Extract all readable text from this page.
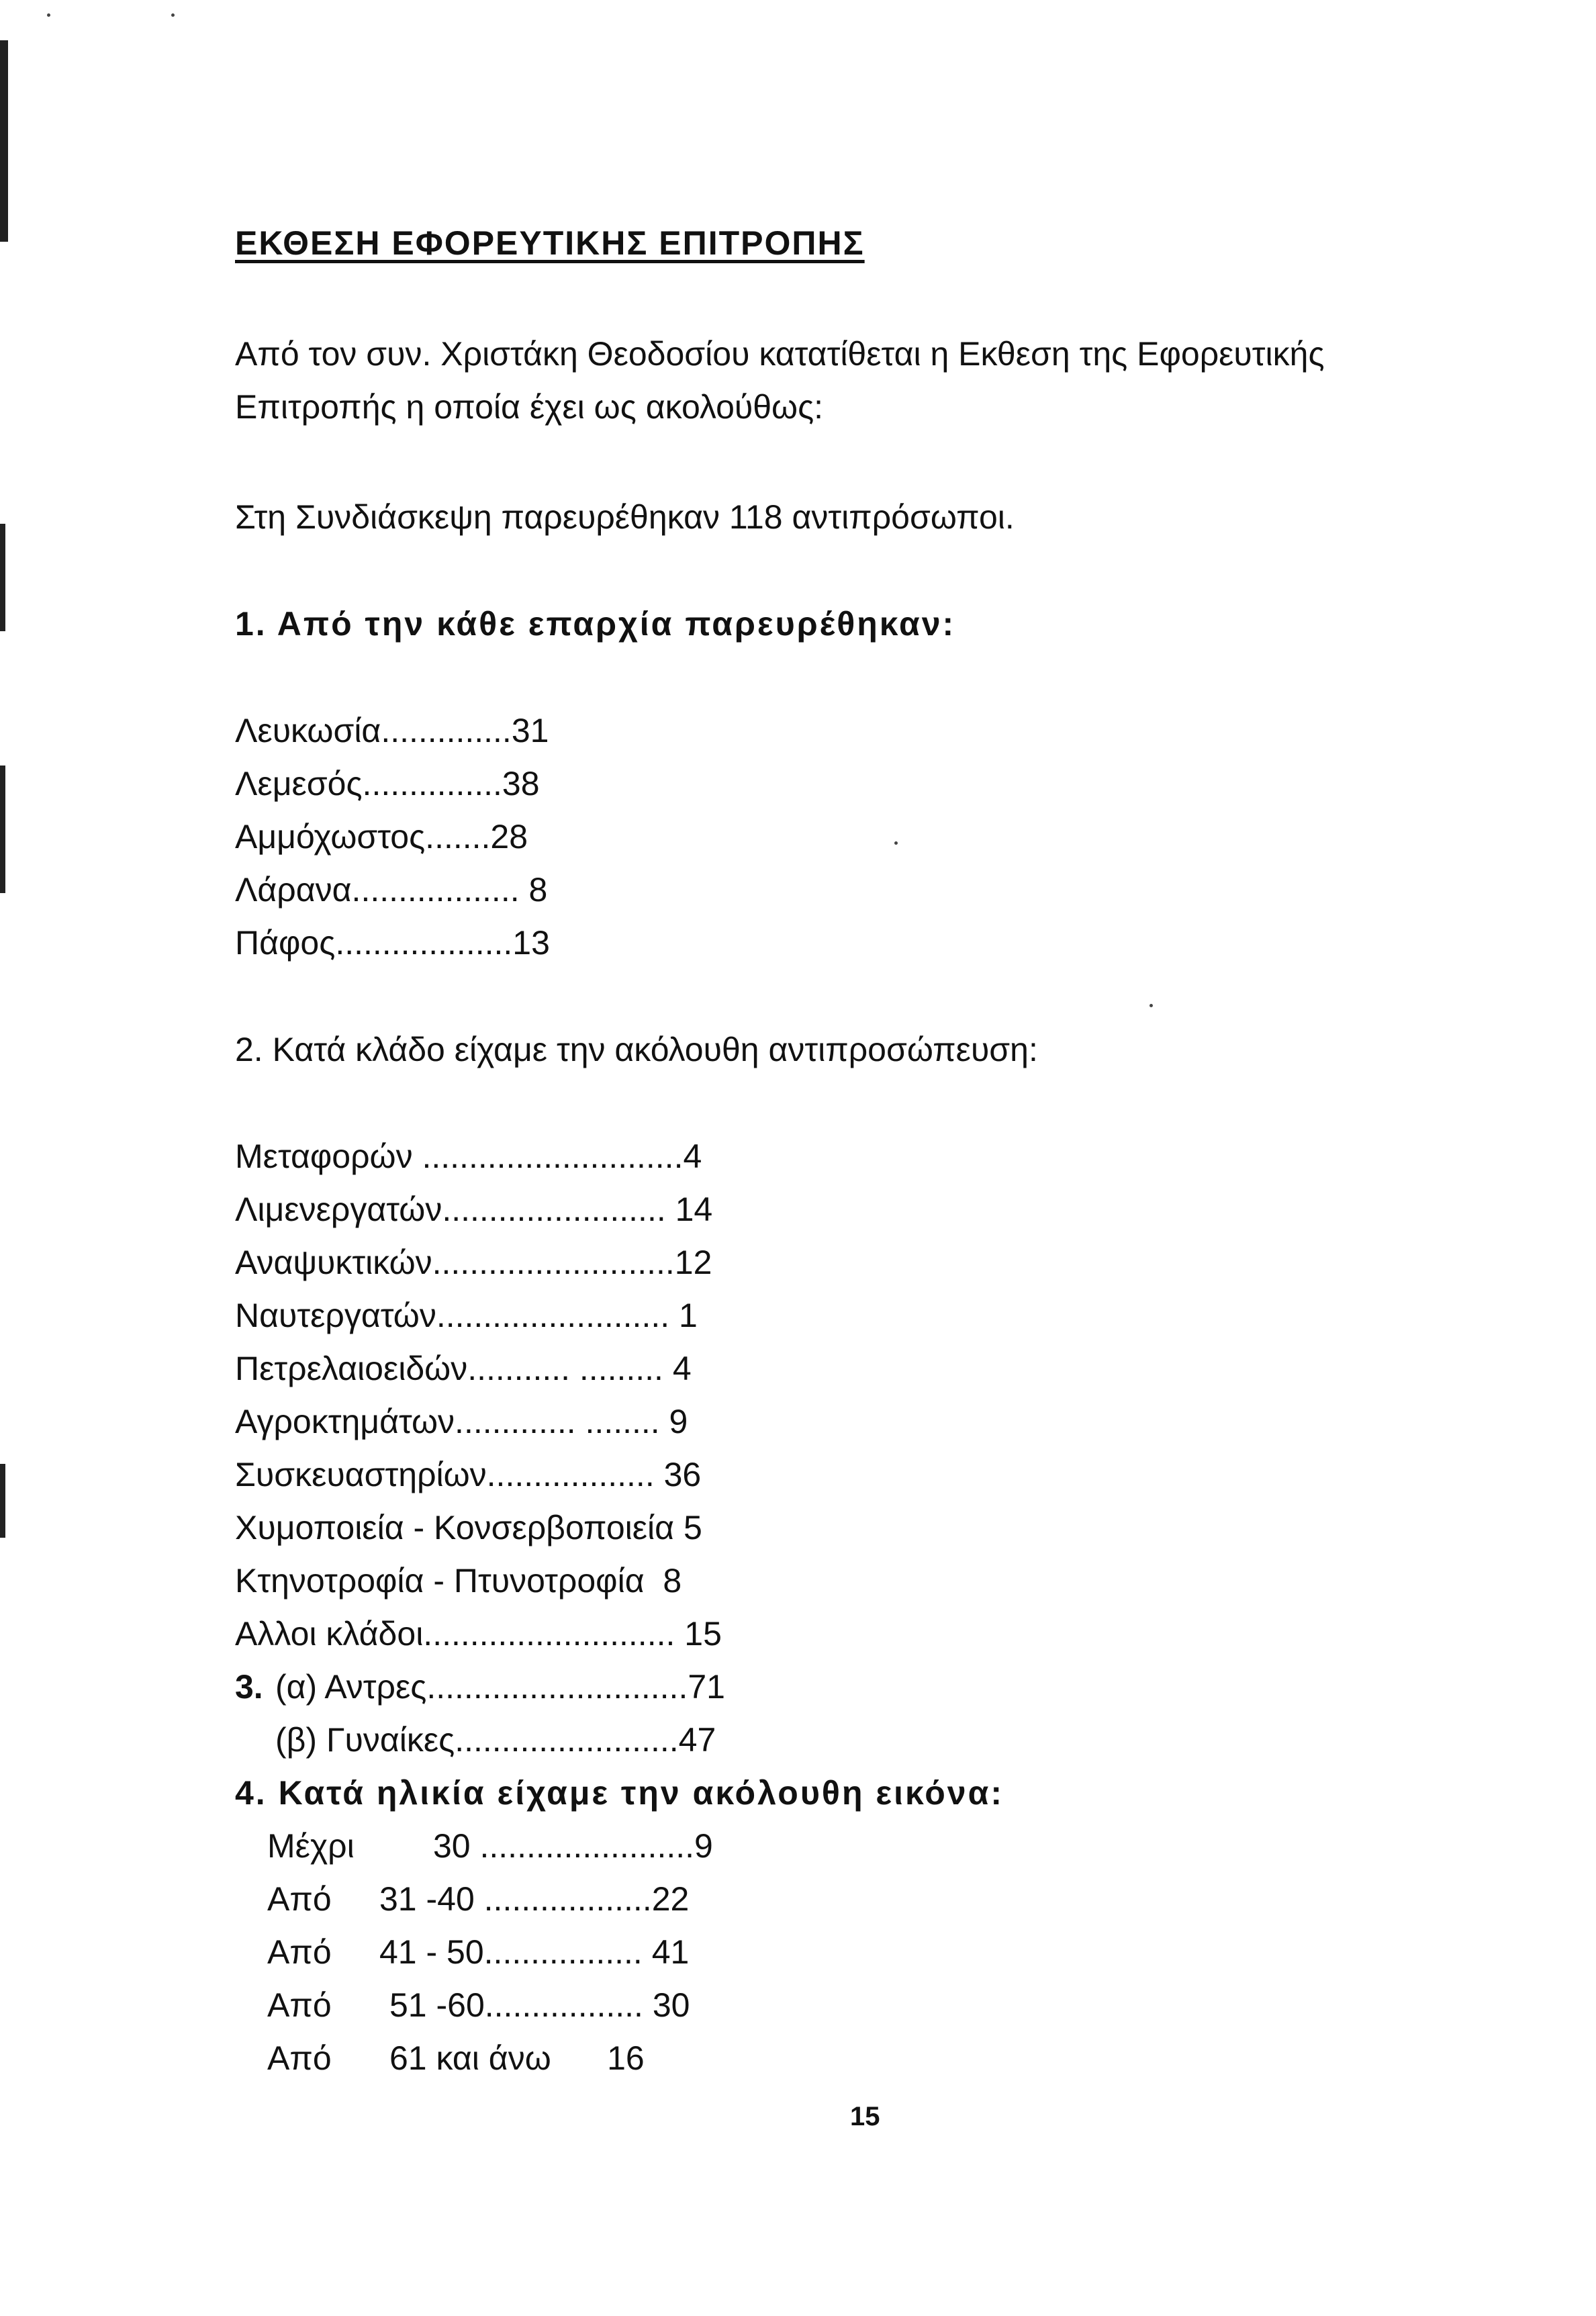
ΕΚΘΕΣΗ ΕΦΟΡΕΥΤΙΚΗΣ ΕΠΙΤΡΟΠΗΣ
Από τον συν. Χριστάκη Θεοδοσίου κατατίθεται η Εκθεση της Εφορευτικής
Επιτροπής η οποία έχει ως ακολούθως:
Στη Συνδιάσκεψη παρευρέθηκαν 118 αντιπρόσωποι.
1. Από την κάθε επαρχία παρευρέθηκαν:
Λευκωσία..............31
Λεμεσός...............38
Αμμόχωστος.......28
Λάρανα.................. 8
Πάφος...................13
2. Κατά κλάδο είχαμε την ακόλουθη αντιπροσώπευση:
Μεταφορών ............................4
Λιμενεργατών........................ 14
Αναψυκτικών..........................12
Ναυτεργατών......................... 1
Πετρελαιοειδών........... ......... 4
Αγροκτημάτων............. ........ 9
Συσκευαστηρίων.................. 36
Χυμοποιεία - Κονσερβοποιεία 5
Κτηνοτροφία - Πτυνοτροφία  8
Αλλοι κλάδοι........................... 15
3. (α) Αντρες............................71
(β) Γυναίκες........................47
4. Κατά ηλικία είχαμε την ακόλουθη εικόνα:
Μέχρι 30 .......................9
Από 31 -40 ..................22
Από 41 - 50................. 41
Από 51 -60................. 30
Από 61 και άνω      16
15
